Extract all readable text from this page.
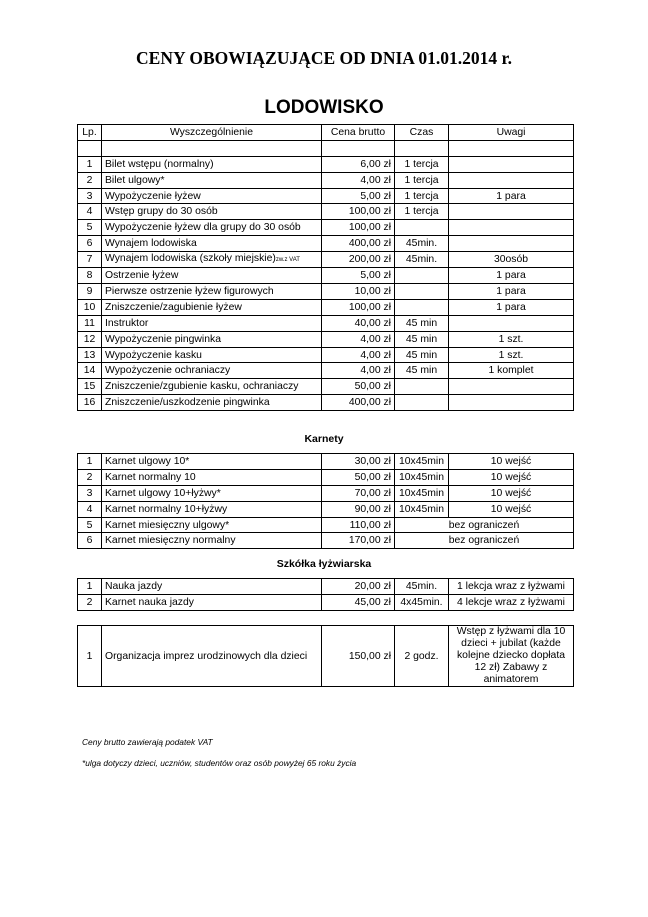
CENY OBOWIĄZUJĄCE OD DNIA 01.01.2014 r.
LODOWISKO
Lp.	Wyszczególnienie	Cena brutto	Czas	Uwagi

1	Bilet wstępu (normalny)	6,00 zł	1 tercja	
2	Bilet ulgowy*	4,00 zł	1 tercja	
3	Wypożyczenie łyżew	5,00 zł	1 tercja	1 para
4	Wstęp grupy do 30 osób	100,00 zł	1 tercja	
5	Wypożyczenie łyżew dla grupy do 30 osób	100,00 zł		
6	Wynajem lodowiska	400,00 zł	45min.	
7	Wynajem lodowiska (szkoły miejskie)zw.z VAT	200,00 zł	45min.	30osób
8	Ostrzenie łyżew	5,00 zł		1 para
9	Pierwsze ostrzenie łyżew figurowych	10,00 zł		1 para
10	Zniszczenie/zagubienie łyżew	100,00 zł		1 para
11	Instruktor	40,00 zł	45 min	
12	Wypożyczenie pingwinka	4,00 zł	45 min	1 szt.
13	Wypożyczenie kasku	4,00 zł	45 min	1 szt.
14	Wypożyczenie ochraniaczy	4,00 zł	45 min	1 komplet
15	Zniszczenie/zgubienie kasku, ochraniaczy	50,00 zł		
16	Zniszczenie/uszkodzenie pingwinka	400,00 zł		
Karnety
1	Karnet ulgowy 10*	30,00 zł	10x45min	10 wejść
2	Karnet normalny 10	50,00 zł	10x45min	10 wejść
3	Karnet ulgowy 10+łyżwy*	70,00 zł	10x45min	10 wejść
4	Karnet normalny 10+łyżwy	90,00 zł	10x45min	10 wejść
5	Karnet miesięczny ulgowy*	110,00 zł	bez ograniczeń	
6	Karnet miesięczny normalny	170,00 zł	bez ograniczeń	
Szkółka łyżwiarska
1	Nauka jazdy	20,00 zł	45min.	1 lekcja wraz z łyżwami
2	Karnet nauka jazdy	45,00 zł	4x45min.	4 lekcje wraz z łyżwami
1	Organizacja imprez urodzinowych dla dzieci	150,00 zł	2 godz.	Wstęp z łyżwami dla 10 dzieci + jubilat (każde kolejne dziecko dopłata 12 zł) Zabawy z animatorem
Ceny brutto zawierają podatek VAT
*ulga dotyczy dzieci, uczniów, studentów oraz osób powyżej 65 roku życia
